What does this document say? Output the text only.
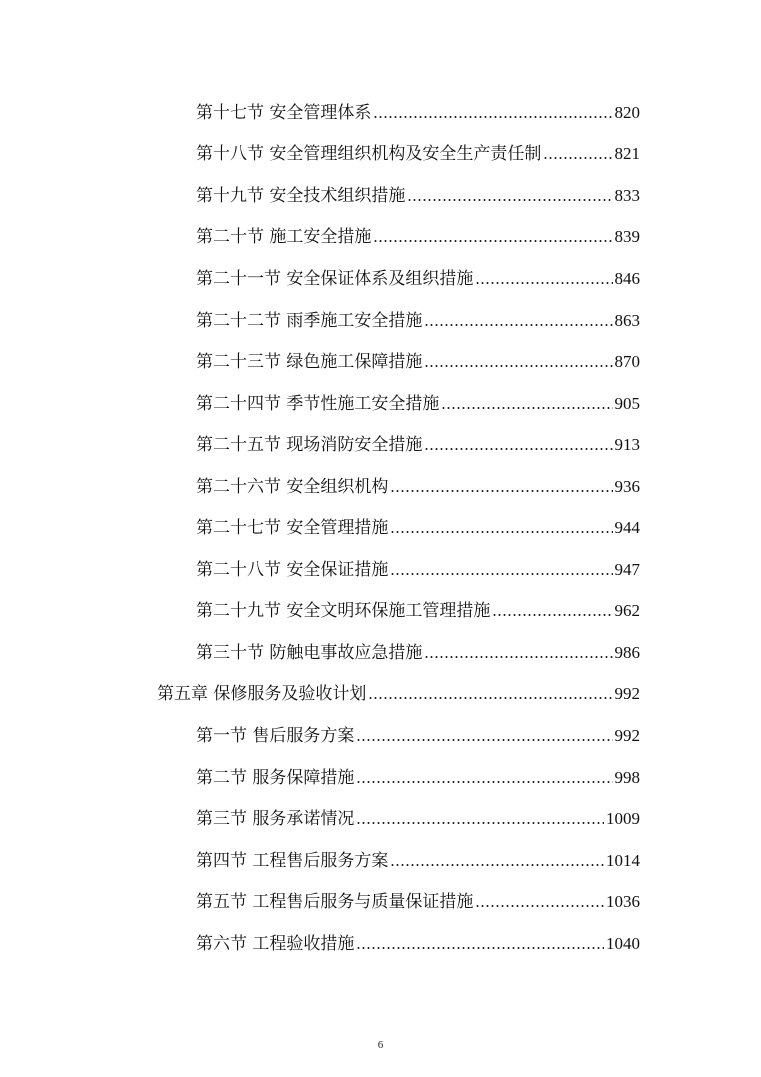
第十七节 安全管理体系	820
第十八节 安全管理组织机构及安全生产责任制	821
第十九节 安全技术组织措施	833
第二十节 施工安全措施	839
第二十一节 安全保证体系及组织措施	846
第二十二节 雨季施工安全措施	863
第二十三节 绿色施工保障措施	870
第二十四节 季节性施工安全措施	905
第二十五节 现场消防安全措施	913
第二十六节 安全组织机构	936
第二十七节 安全管理措施	944
第二十八节 安全保证措施	947
第二十九节 安全文明环保施工管理措施	962
第三十节 防触电事故应急措施	986
第五章 保修服务及验收计划	992
第一节 售后服务方案	992
第二节 服务保障措施	998
第三节 服务承诺情况	1009
第四节 工程售后服务方案	1014
第五节 工程售后服务与质量保证措施	1036
第六节 工程验收措施	1040
6
